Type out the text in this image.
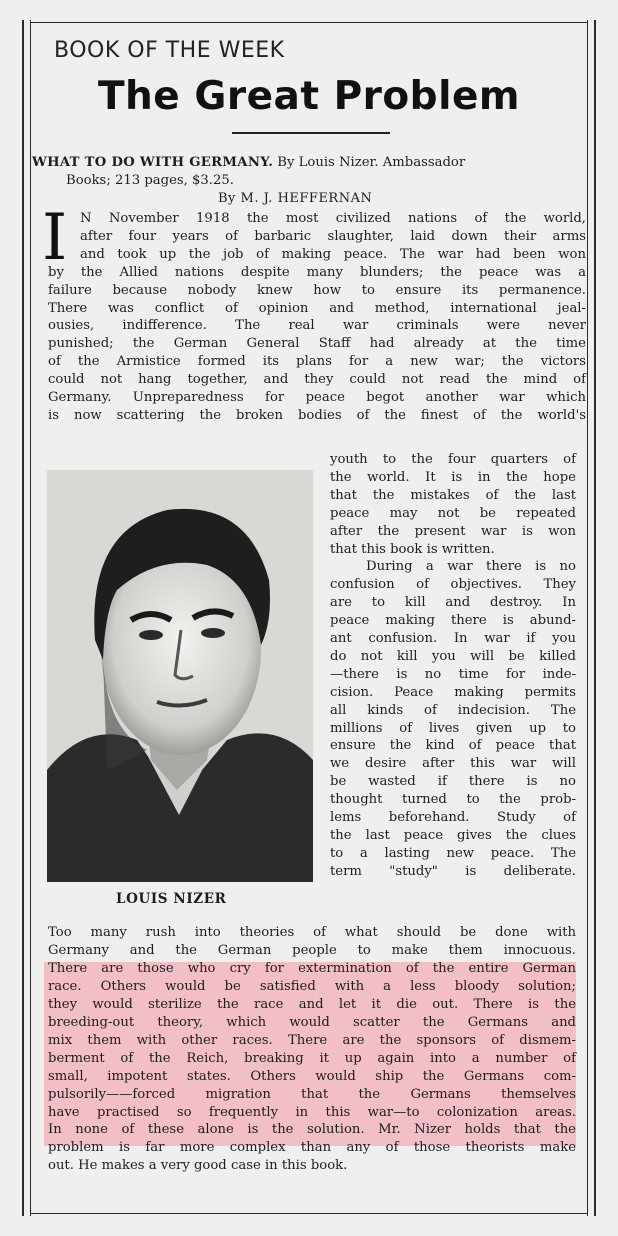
BOOK OF THE WEEK
The Great Problem
WHAT TO DO WITH GERMANY. By Louis Nizer. Ambassador
Books; 213 pages, $3.25.
By M. J. HEFFERNAN
I N November 1918 the most civilized nations of the world,
after four years of barbaric slaughter, laid down their arms
and took up the job of making peace. The war had been won
by the Allied nations despite many blunders; the peace was a
failure because nobody knew how to ensure its permanence.
There was conflict of opinion and method, international jeal-
ousies, indifference. The real war criminals were never
punished; the German General Staff had already at the time
of the Armistice formed its plans for a new war; the victors
could not hang together, and they could not read the mind of
Germany. Unpreparedness for peace begot another war which
is now scattering the broken bodies of the finest of the world's
youth to the four quarters of
the world. It is in the hope
that the mistakes of the last
peace may not be repeated
after the present war is won
that this book is written.
During a war there is no
confusion of objectives. They
are to kill and destroy. In
peace making there is abund-
ant confusion. In war if you
do not kill you will be killed
—there is no time for inde-
cision. Peace making permits
all kinds of indecision. The
millions of lives given up to
ensure the kind of peace that
we desire after this war will
be wasted if there is no
thought turned to the prob-
lems beforehand. Study of
the last peace gives the clues
to a lasting new peace. The
term "study" is deliberate.
LOUIS NIZER
Too many rush into theories of what should be done with
Germany and the German people to make them innocuous.
There are those who cry for extermination of the entire German
race. Others would be satisfied with a less bloody solution;
they would sterilize the race and let it die out. There is the
breeding-out theory, which would scatter the Germans and
mix them with other races. There are the sponsors of dismem-
berment of the Reich, breaking it up again into a number of
small, impotent states. Others would ship the Germans com-
pulsorily——forced migration that the Germans themselves
have practised so frequently in this war—to colonization areas.
In none of these alone is the solution. Mr. Nizer holds that the
problem is far more complex than any of those theorists make
out. He makes a very good case in this book.
